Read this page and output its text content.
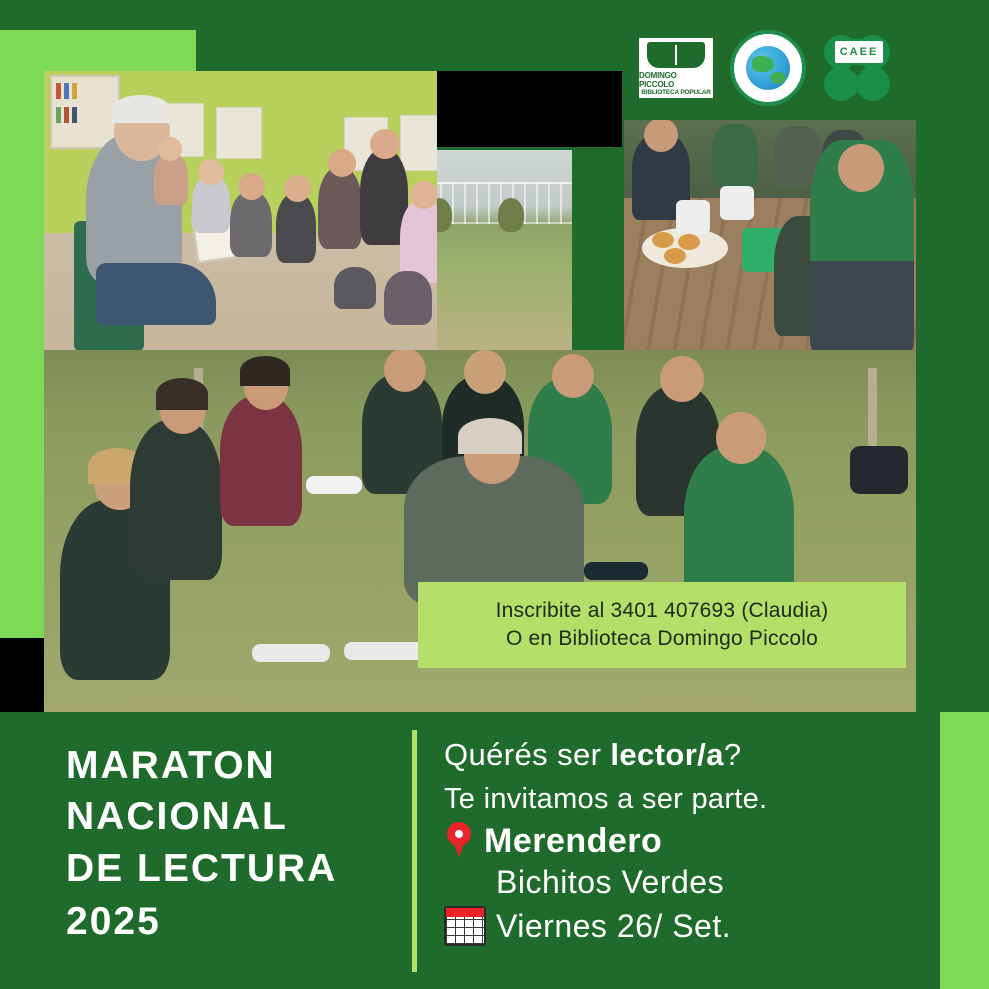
DOMINGO PICCOLO
BIBLIOTECA POPULAR
CAEE
Inscribite al 3401 407693 (Claudia)
O en Biblioteca Domingo Piccolo
MARATON
NACIONAL
DE LECTURA
2025
Quérés ser lector/a?
Te invitamos a ser parte.
Merendero
Bichitos Verdes
Viernes 26/ Set.
